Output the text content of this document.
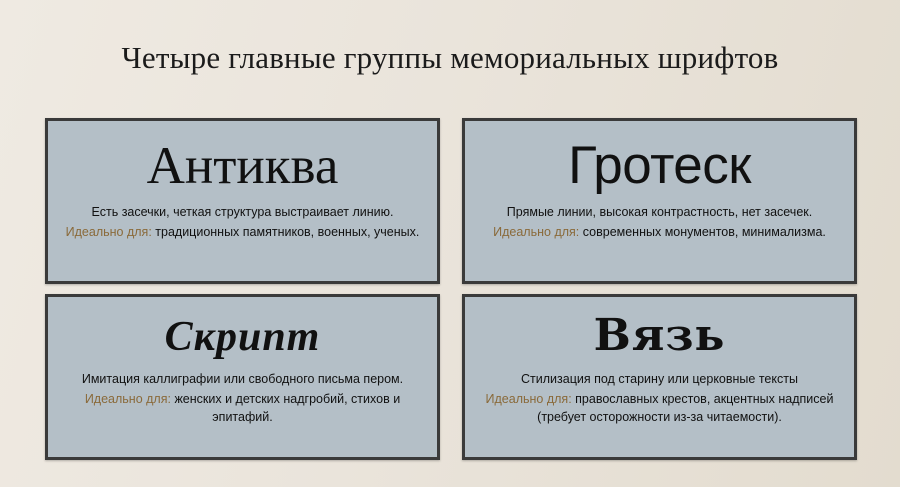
Четыре главные группы мемориальных шрифтов
Антиква
Есть засечки, четкая структура выстраивает линию.
Идеально для: традиционных памятников, военных, ученых.
Гротеск
Прямые линии, высокая контрастность, нет засечек.
Идеально для: современных монументов, минимализма.
Скрипт
Имитация каллиграфии или свободного письма пером.
Идеально для: женских и детских надгробий, стихов и эпитафий.
Вязь
Стилизация под старину или церковные тексты
Идеально для: православных крестов, акцентных надписей (требует осторожности из-за читаемости).
